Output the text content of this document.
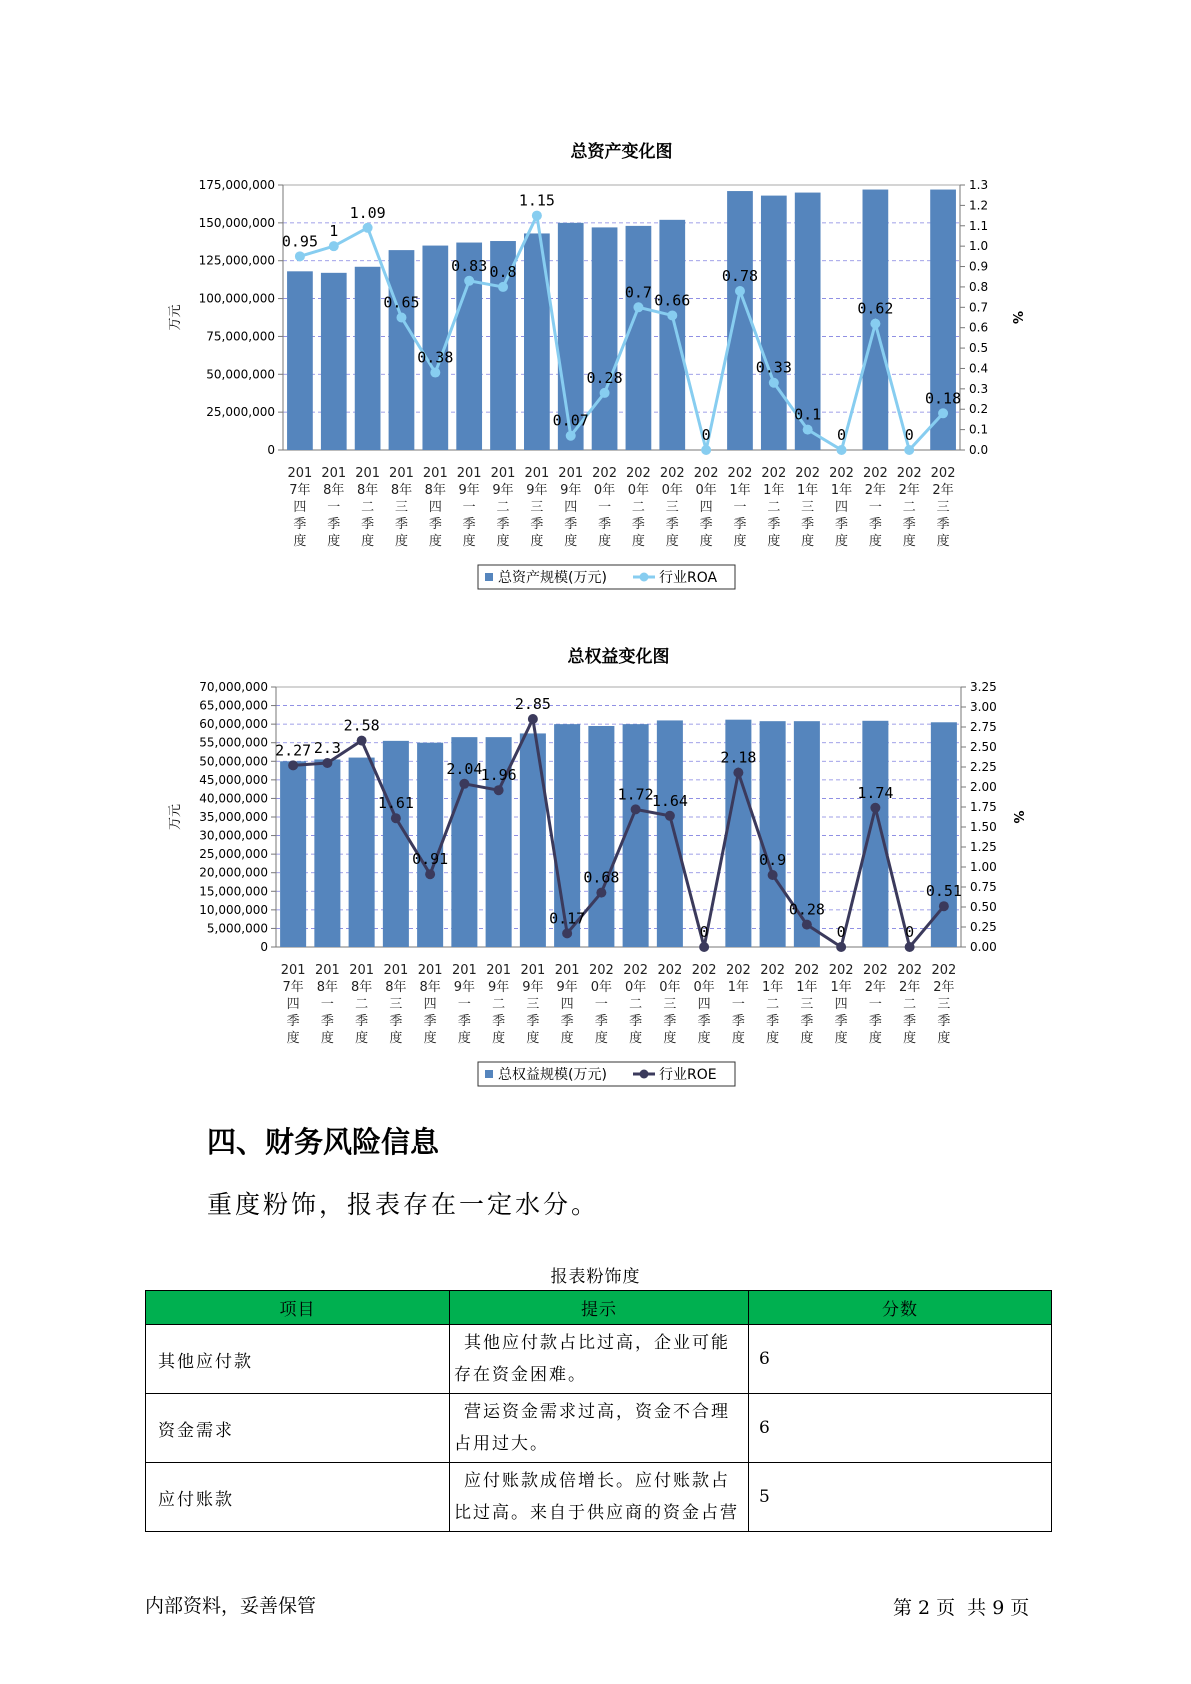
总资产变化图
0
25,000,000
50,000,000
75,000,000
100,000,000
125,000,000
150,000,000
175,000,000
0.0
0.1
0.2
0.3
0.4
0.5
0.6
0.7
0.8
0.9
1.0
1.1
1.2
1.3
万元	%
201
7年
四
季
度
201
8年
一
季
度
201
8年
二
季
度
201
8年
三
季
度
201
8年
四
季
度
201
9年
一
季
度
201
9年
二
季
度
201
9年
三
季
度
201
9年
四
季
度
202
0年
一
季
度
202
0年
二
季
度
202
0年
三
季
度
202
0年
四
季
度
202
1年
一
季
度
202
1年
二
季
度
202
1年
三
季
度
202
1年
四
季
度
202
2年
一
季
度
202
2年
二
季
度
202
2年
三
季
度
0.95
1
1.09
0.65
0.38
0.83 0.8
1.15
0.07
0.28
0.7 0.66
0
0.78
0.33
0.1
0
0.62
0
0.18
总资产规模(万元)	行业ROA
总权益变化图
0
5,000,000
10,000,000
15,000,000
20,000,000
25,000,000
30,000,000
35,000,000
40,000,000
45,000,000
50,000,000
55,000,000
60,000,000
65,000,000
70,000,000
0.00
0.25
0.50
0.75
1.00
1.25
1.50
1.75
2.00
2.25
2.50
2.75
3.00
3.25
万元	%
201
7年
四
季
度
201
8年
一
季
度
201
8年
二
季
度
201
8年
三
季
度
201
8年
四
季
度
201
9年
一
季
度
201
9年
二
季
度
201
9年
三
季
度
201
9年
四
季
度
202
0年
一
季
度
202
0年
二
季
度
202
0年
三
季
度
202
0年
四
季
度
202
1年
一
季
度
202
1年
二
季
度
202
1年
三
季
度
202
1年
四
季
度
202
2年
一
季
度
202
2年
二
季
度
202
2年
三
季
度
2.27 2.3
2.58
1.61
0.91
2.04
1.96
2.85
0.17
0.68
1.72
1.64
0
2.18
0.9
0.28
0
1.74
0
0.51
总权益规模(万元)	行业ROE
四、财务风险信息

重度粉饰，报表存在一定水分。

报表粉饰度
项目	提示	分数
其他应付款	其他应付款占比过高，企业可能存在资金困难。	6
资金需求	营运资金需求过高，资金不合理占用过大。	6
应付账款	应付账款成倍增长。应付账款占比过高。来自于供应商的资金占营	5
内部资料，妥善保管	第 2 页 共 9 页
